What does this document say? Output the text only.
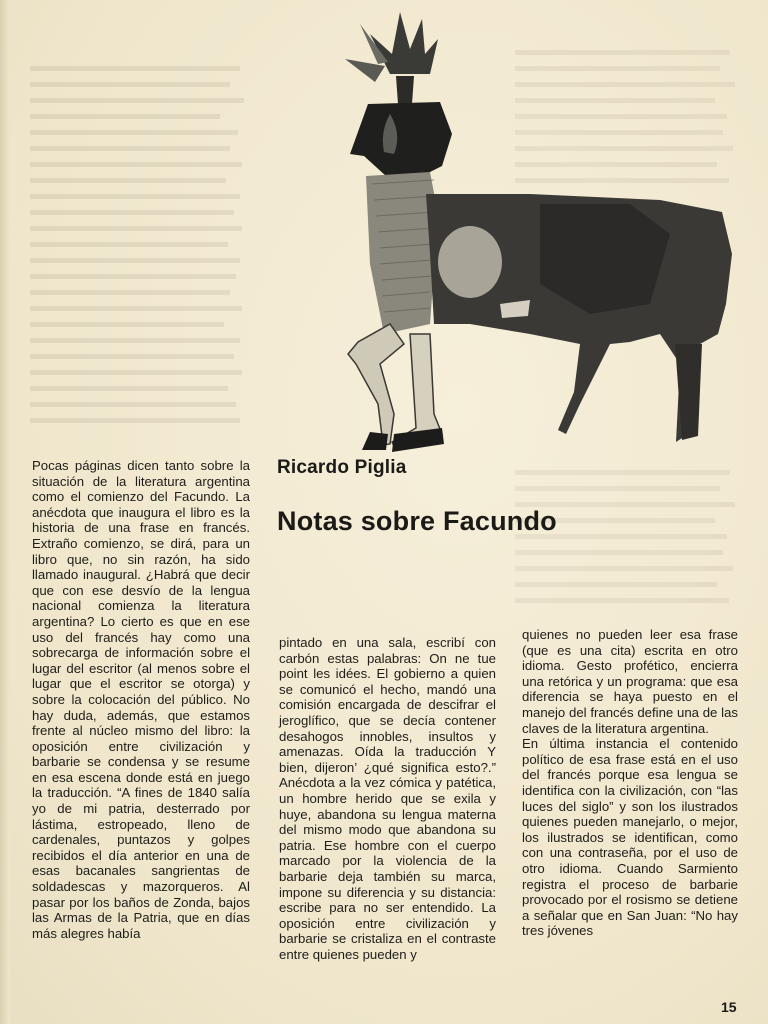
Ricardo Piglia
Notas sobre Facundo
Pocas páginas dicen tanto sobre la situación de la literatura argentina como el comienzo del Facundo. La anécdota que inaugura el libro es la historia de una frase en francés. Extraño comienzo, se dirá, para un libro que, no sin razón, ha sido llamado inaugural. ¿Habrá que decir que con ese desvío de la lengua nacional comienza la literatura argentina? Lo cierto es que en ese uso del francés hay como una sobrecarga de información sobre el lugar del escritor (al menos sobre el lugar que el escritor se otorga) y sobre la colocación del público. No hay duda, además, que estamos frente al núcleo mismo del libro: la oposición entre civilización y barbarie se condensa y se resume en esa escena donde está en juego la traducción. “A fines de 1840 salía yo de mi patria, desterrado por lástima, estropeado, lleno de cardenales, puntazos y golpes recibidos el día anterior en una de esas bacanales sangrientas de soldadescas y mazorqueros. Al pasar por los baños de Zonda, bajos las Armas de la Patria, que en días más alegres había
pintado en una sala, escribí con carbón estas palabras: On ne tue point les idées. El gobierno a quien se comunicó el hecho, mandó una comisión encargada de descifrar el jeroglífico, que se decía contener desahogos innobles, insultos y amenazas. Oída la traducción Y bien, dijeron’ ¿qué significa esto?.” Anécdota a la vez cómica y patética, un hombre herido que se exila y huye, abandona su lengua materna del mismo modo que abandona su patria. Ese hombre con el cuerpo marcado por la violencia de la barbarie deja también su marca, impone su diferencia y su distancia: escribe para no ser entendido. La oposición entre civilización y barbarie se cristaliza en el contraste entre quienes pueden y
quienes no pueden leer esa frase (que es una cita) escrita en otro idioma. Gesto profético, encierra una retórica y un programa: que esa diferencia se haya puesto en el manejo del francés define una de las claves de la literatura argentina.
En última instancia el contenido político de esa frase está en el uso del francés porque esa lengua se identifica con la civilización, con “las luces del siglo” y son los ilustrados quienes pueden manejarlo, o mejor, los ilustrados se identifican, como con una contraseña, por el uso de otro idioma. Cuando Sarmiento registra el proceso de barbarie provocado por el rosismo se detiene a señalar que en San Juan: “No hay tres jóvenes
15
